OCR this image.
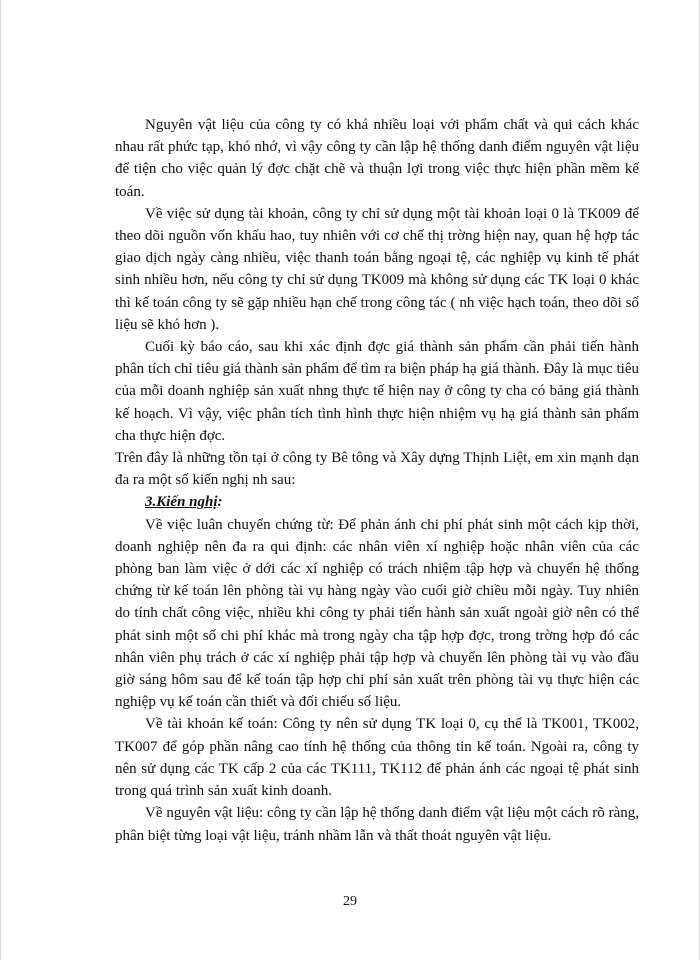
Nguyên vật liệu của công ty có khá nhiều loại với phẩm chất và qui cách khác nhau rất phức tạp, khó nhớ, vì vậy công ty cần lập hệ thống danh điểm nguyên vật liệu để tiện cho việc quản lý đợc chặt chẽ và thuận lợi trong việc thực hiện phần mềm kế toán.

Về việc sử dụng tài khoản, công ty chỉ sử dụng một tài khoản loại 0 là TK009 để theo dõi nguồn vốn khấu hao, tuy nhiên với cơ chế thị trờng hiện nay, quan hệ hợp tác giao dịch ngày càng nhiều, việc thanh toán bằng ngoại tệ, các nghiệp vụ kinh tế phát sinh nhiều hơn, nếu công ty chỉ sử dụng TK009 mà không sử dụng các TK loại 0 khác thì kế toán công ty sẽ gặp nhiều hạn chế trong công tác ( nh việc hạch toán, theo dõi số liệu sẽ khó hơn ).

Cuối kỳ báo cáo, sau khi xác định đợc giá thành sản phẩm cần phải tiến hành phân tích chỉ tiêu giá thành sản phẩm để tìm ra biện pháp hạ giá thành. Đây là mục tiêu của mỗi doanh nghiệp sản xuất nhng thực tế hiện nay ở công ty cha có bảng giá thành kế hoạch. Vì vậy, việc phân tích tình hình thực hiện nhiệm vụ hạ giá thành sản phẩm cha thực hiện đợc.

Trên đây là những tồn tại ở công ty Bê tông và Xây dựng Thịnh Liệt, em xin mạnh dạn đa ra một số kiến nghị nh sau:

3.Kiến nghị:

Về việc luân chuyển chứng từ: Để phản ánh chi phí phát sinh một cách kịp thời, doanh nghiệp nên đa ra qui định: các nhân viên xí nghiệp hoặc nhân viên của các phòng ban làm việc ở dới các xí nghiệp có trách nhiệm tập hợp và chuyển hệ thống chứng từ kế toán lên phòng tài vụ hàng ngày vào cuối giờ chiều mỗi ngày. Tuy nhiên do tính chất công việc, nhiều khi công ty phải tiến hành sản xuất ngoài giờ nên có thể phát sinh một số chi phí khác mà trong ngày cha tập hợp đợc, trong trờng hợp đó các nhân viên phụ trách ở các xí nghiệp phải tập hợp và chuyển lên phòng tài vụ vào đầu giờ sáng hôm sau để kế toán tập hợp chi phí sản xuất trên phòng tài vụ thực hiện các nghiệp vụ kế toán cần thiết và đối chiếu số liệu.

Về tài khoản kế toán: Công ty nên sử dụng TK loại 0, cụ thể là TK001, TK002, TK007 để góp phần nâng cao tính hệ thống của thông tin kế toán. Ngoài ra, công ty nên sử dụng các TK cấp 2 của các TK111, TK112 để phản ánh các ngoại tệ phát sinh trong quá trình sản xuất kinh doanh.

Về nguyên vật liệu: công ty cần lập hệ thống danh điểm vật liệu một cách rõ ràng, phân biệt từng loại vật liệu, tránh nhầm lẫn và thất thoát nguyên vật liệu.

29
